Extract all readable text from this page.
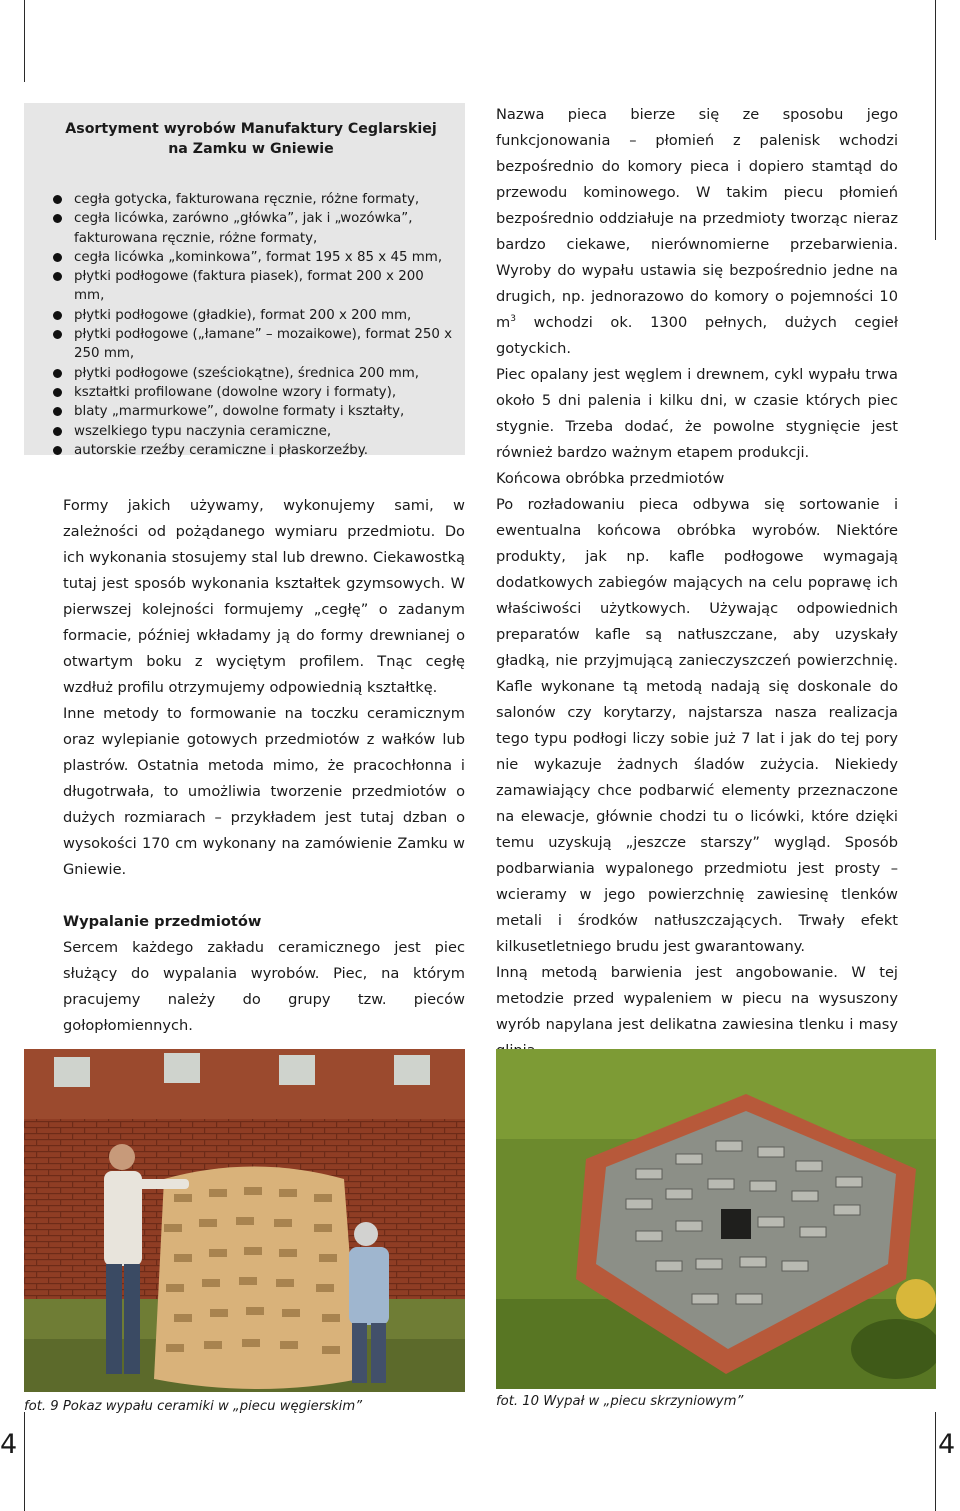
Asortyment wyrobów Manufaktury Ceglarskiej
na Zamku w Gniewie
cegła gotycka, fakturowana ręcznie, różne formaty,
cegła licówka, zarówno „główka”, jak i „wozówka”, fakturowana ręcznie, różne formaty,
cegła licówka „kominkowa”, format 195 x 85 x 45 mm,
płytki podłogowe (faktura piasek), format 200 x 200 mm,
płytki podłogowe (gładkie), format 200 x 200 mm,
płytki podłogowe („łamane” – mozaikowe), format 250 x 250 mm,
płytki podłogowe (sześciokątne), średnica 200 mm,
kształtki profilowane (dowolne wzory i formaty),
blaty „marmurkowe”, dowolne formaty i kształty,
wszelkiego typu naczynia ceramiczne,
autorskie rzeźby ceramiczne i płaskorzeźby.

Formy jakich używamy, wykonujemy sami, w zależności od pożądanego wymiaru przedmiotu. Do ich wykonania stosujemy stal lub drewno. Ciekawostką tutaj jest sposób wykonania kształtek gzymsowych. W pierwszej kolejności formujemy „cegłę” o zadanym formacie, później wkładamy ją do formy drewnianej o otwartym boku z wyciętym profilem. Tnąc cegłę wzdłuż profilu otrzymujemy odpowiednią kształtkę.

Inne metody to formowanie na toczku ceramicznym oraz wylepianie gotowych przedmiotów z wałków lub plastrów. Ostatnia metoda mimo, że pracochłonna i długotrwała, to umożliwia tworzenie przedmiotów o dużych rozmiarach – przykładem jest tutaj dzban o wysokości 170 cm wykonany na zamówienie Zamku w Gniewie.

Wypalanie przedmiotów

Sercem każdego zakładu ceramicznego jest piec służący do wypalania wyrobów. Piec, na którym pracujemy należy do grupy tzw. pieców gołopłomiennych.

Nazwa pieca bierze się ze sposobu jego funkcjonowania – płomień z palenisk wchodzi bezpośrednio do komory pieca i dopiero stamtąd do przewodu kominowego. W takim piecu płomień bezpośrednio oddziałuje na przedmioty tworząc nieraz bardzo ciekawe, nierównomierne przebarwienia. Wyroby do wypału ustawia się bezpośrednio jedne na drugich, np. jednorazowo do komory o pojemności 10 $m^3$ wchodzi ok. 1300 pełnych, dużych cegieł gotyckich.

Piec opalany jest węglem i drewnem, cykl wypału trwa około 5 dni palenia i kilku dni, w czasie których piec stygnie. Trzeba dodać, że powolne stygnięcie jest również bardzo ważnym etapem produkcji.

Końcowa obróbka przedmiotów

Po rozładowaniu pieca odbywa się sortowanie i ewentualna końcowa obróbka wyrobów. Niektóre produkty, jak np. kafle podłogowe wymagają dodatkowych zabiegów mających na celu poprawę ich właściwości użytkowych. Używając odpowiednich preparatów kafle są natłuszczane, aby uzyskały gładką, nie przyjmującą zanieczyszczeń powierzchnię. Kafle wykonane tą metodą nadają się doskonale do salonów czy korytarzy, najstarsza nasza realizacja tego typu podłogi liczy sobie już 7 lat i jak do tej pory nie wykazuje żadnych śladów zużycia. Niekiedy zamawiający chce podbarwić elementy przeznaczone na elewacje, głównie chodzi tu o licówki, które dzięki temu uzyskują „jeszcze starszy” wygląd. Sposób podbarwiania wypalonego przedmiotu jest prosty – wcieramy w jego powierzchnię zawiesinę tlenków metali i środków natłuszczających. Trwały efekt kilkusetletniego brudu jest gwarantowany.

Inną metodą barwienia jest angobowanie. W tej metodzie przed wypaleniem w piecu na wysuszony wyrób napylana jest delikatna zawiesina tlenku i masy

fot. 9 Pokaz wypału ceramiki w „piecu węgierskim”	fot. 10 Wypał w „piecu skrzyniowym”
4	4
